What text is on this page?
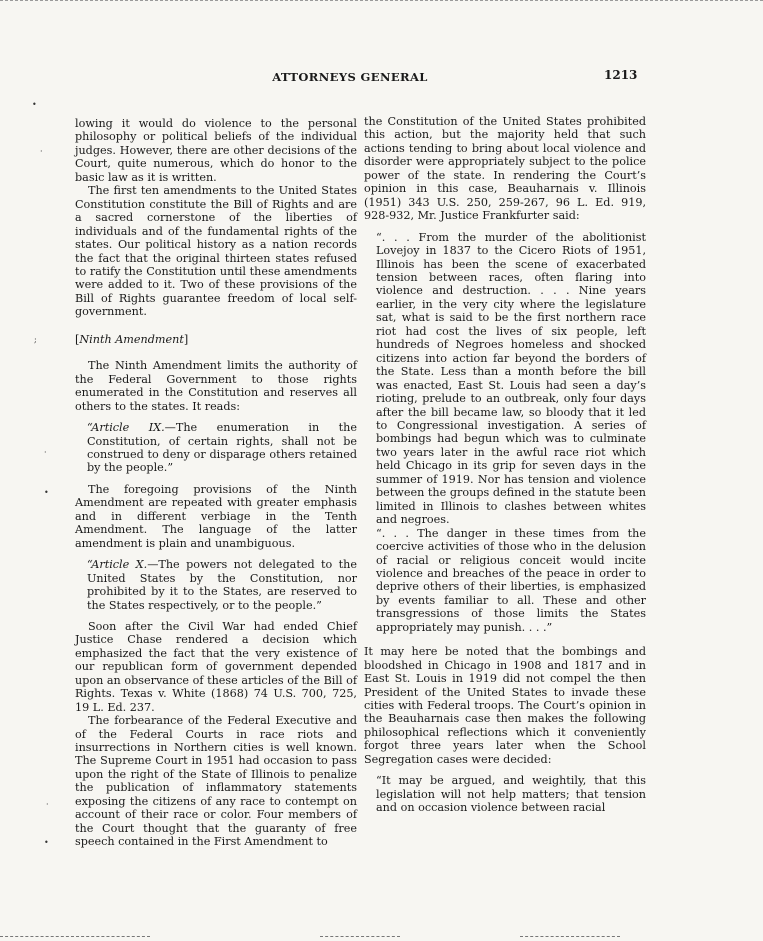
ATTORNEYS GENERAL	1213
•
·
;
·
•
·
•

lowing it would do violence to the personal philosophy or political beliefs of the individual judges. However, there are other decisions of the Court, quite numerous, which do honor to the basic law as it is written.

The first ten amendments to the United States Constitution constitute the Bill of Rights and are a sacred cornerstone of the liberties of individuals and of the fundamental rights of the states. Our political history as a nation records the fact that the original thirteen states refused to ratify the Constitution until these amendments were added to it. Two of these provisions of the Bill of Rights guarantee freedom of local self-government.

[Ninth Amendment]

The Ninth Amendment limits the authority of the Federal Government to those rights enumerated in the Constitution and reserves all others to the states. It reads:

“Article IX.—The enumeration in the Constitution, of certain rights, shall not be construed to deny or disparage others retained by the people.”

The foregoing provisions of the Ninth Amendment are repeated with greater emphasis and in different verbiage in the Tenth Amendment. The language of the latter amendment is plain and unambiguous.

“Article X.—The powers not delegated to the United States by the Constitution, nor prohibited by it to the States, are reserved to the States respectively, or to the people.”

Soon after the Civil War had ended Chief Justice Chase rendered a decision which emphasized the fact that the very existence of our republican form of government depended upon an observance of these articles of the Bill of Rights. Texas v. White (1868) 74 U.S. 700, 725, 19 L. Ed. 237.

The forbearance of the Federal Executive and of the Federal Courts in race riots and insurrections in Northern cities is well known. The Supreme Court in 1951 had occasion to pass upon the right of the State of Illinois to penalize the publication of inflammatory statements exposing the citizens of any race to contempt on account of their race or color. Four members of the Court thought that the guaranty of free speech contained in the First Amendment to

the Constitution of the United States prohibited this action, but the majority held that such actions tending to bring about local violence and disorder were appropriately subject to the police power of the state. In rendering the Court’s opinion in this case, Beauharnais v. Illinois (1951) 343 U.S. 250, 259-267, 96 L. Ed. 919, 928-932, Mr. Justice Frankfurter said:

“. . . From the murder of the abolitionist Lovejoy in 1837 to the Cicero Riots of 1951, Illinois has been the scene of exacerbated tension between races, often flaring into violence and destruction. . . . Nine years earlier, in the very city where the legislature sat, what is said to be the first northern race riot had cost the lives of six people, left hundreds of Negroes homeless and shocked citizens into action far beyond the borders of the State. Less than a month before the bill was enacted, East St. Louis had seen a day’s rioting, prelude to an outbreak, only four days after the bill became law, so bloody that it led to Congressional investigation. A series of bombings had begun which was to culminate two years later in the awful race riot which held Chicago in its grip for seven days in the summer of 1919. Nor has tension and violence between the groups defined in the statute been limited in Illinois to clashes between whites and negroes.

“. . . The danger in these times from the coercive activities of those who in the delusion of racial or religious conceit would incite violence and breaches of the peace in order to deprive others of their liberties, is emphasized by events familiar to all. These and other transgressions of those limits the States appropriately may punish. . . .”

It may here be noted that the bombings and bloodshed in Chicago in 1908 and 1817 and in East St. Louis in 1919 did not compel the then President of the United States to invade these cities with Federal troops. The Court’s opinion in the Beauharnais case then makes the following philosophical reflections which it conveniently forgot three years later when the School Segregation cases were decided:

“It may be argued, and weightily, that this legislation will not help matters; that tension and on occasion violence between racial
